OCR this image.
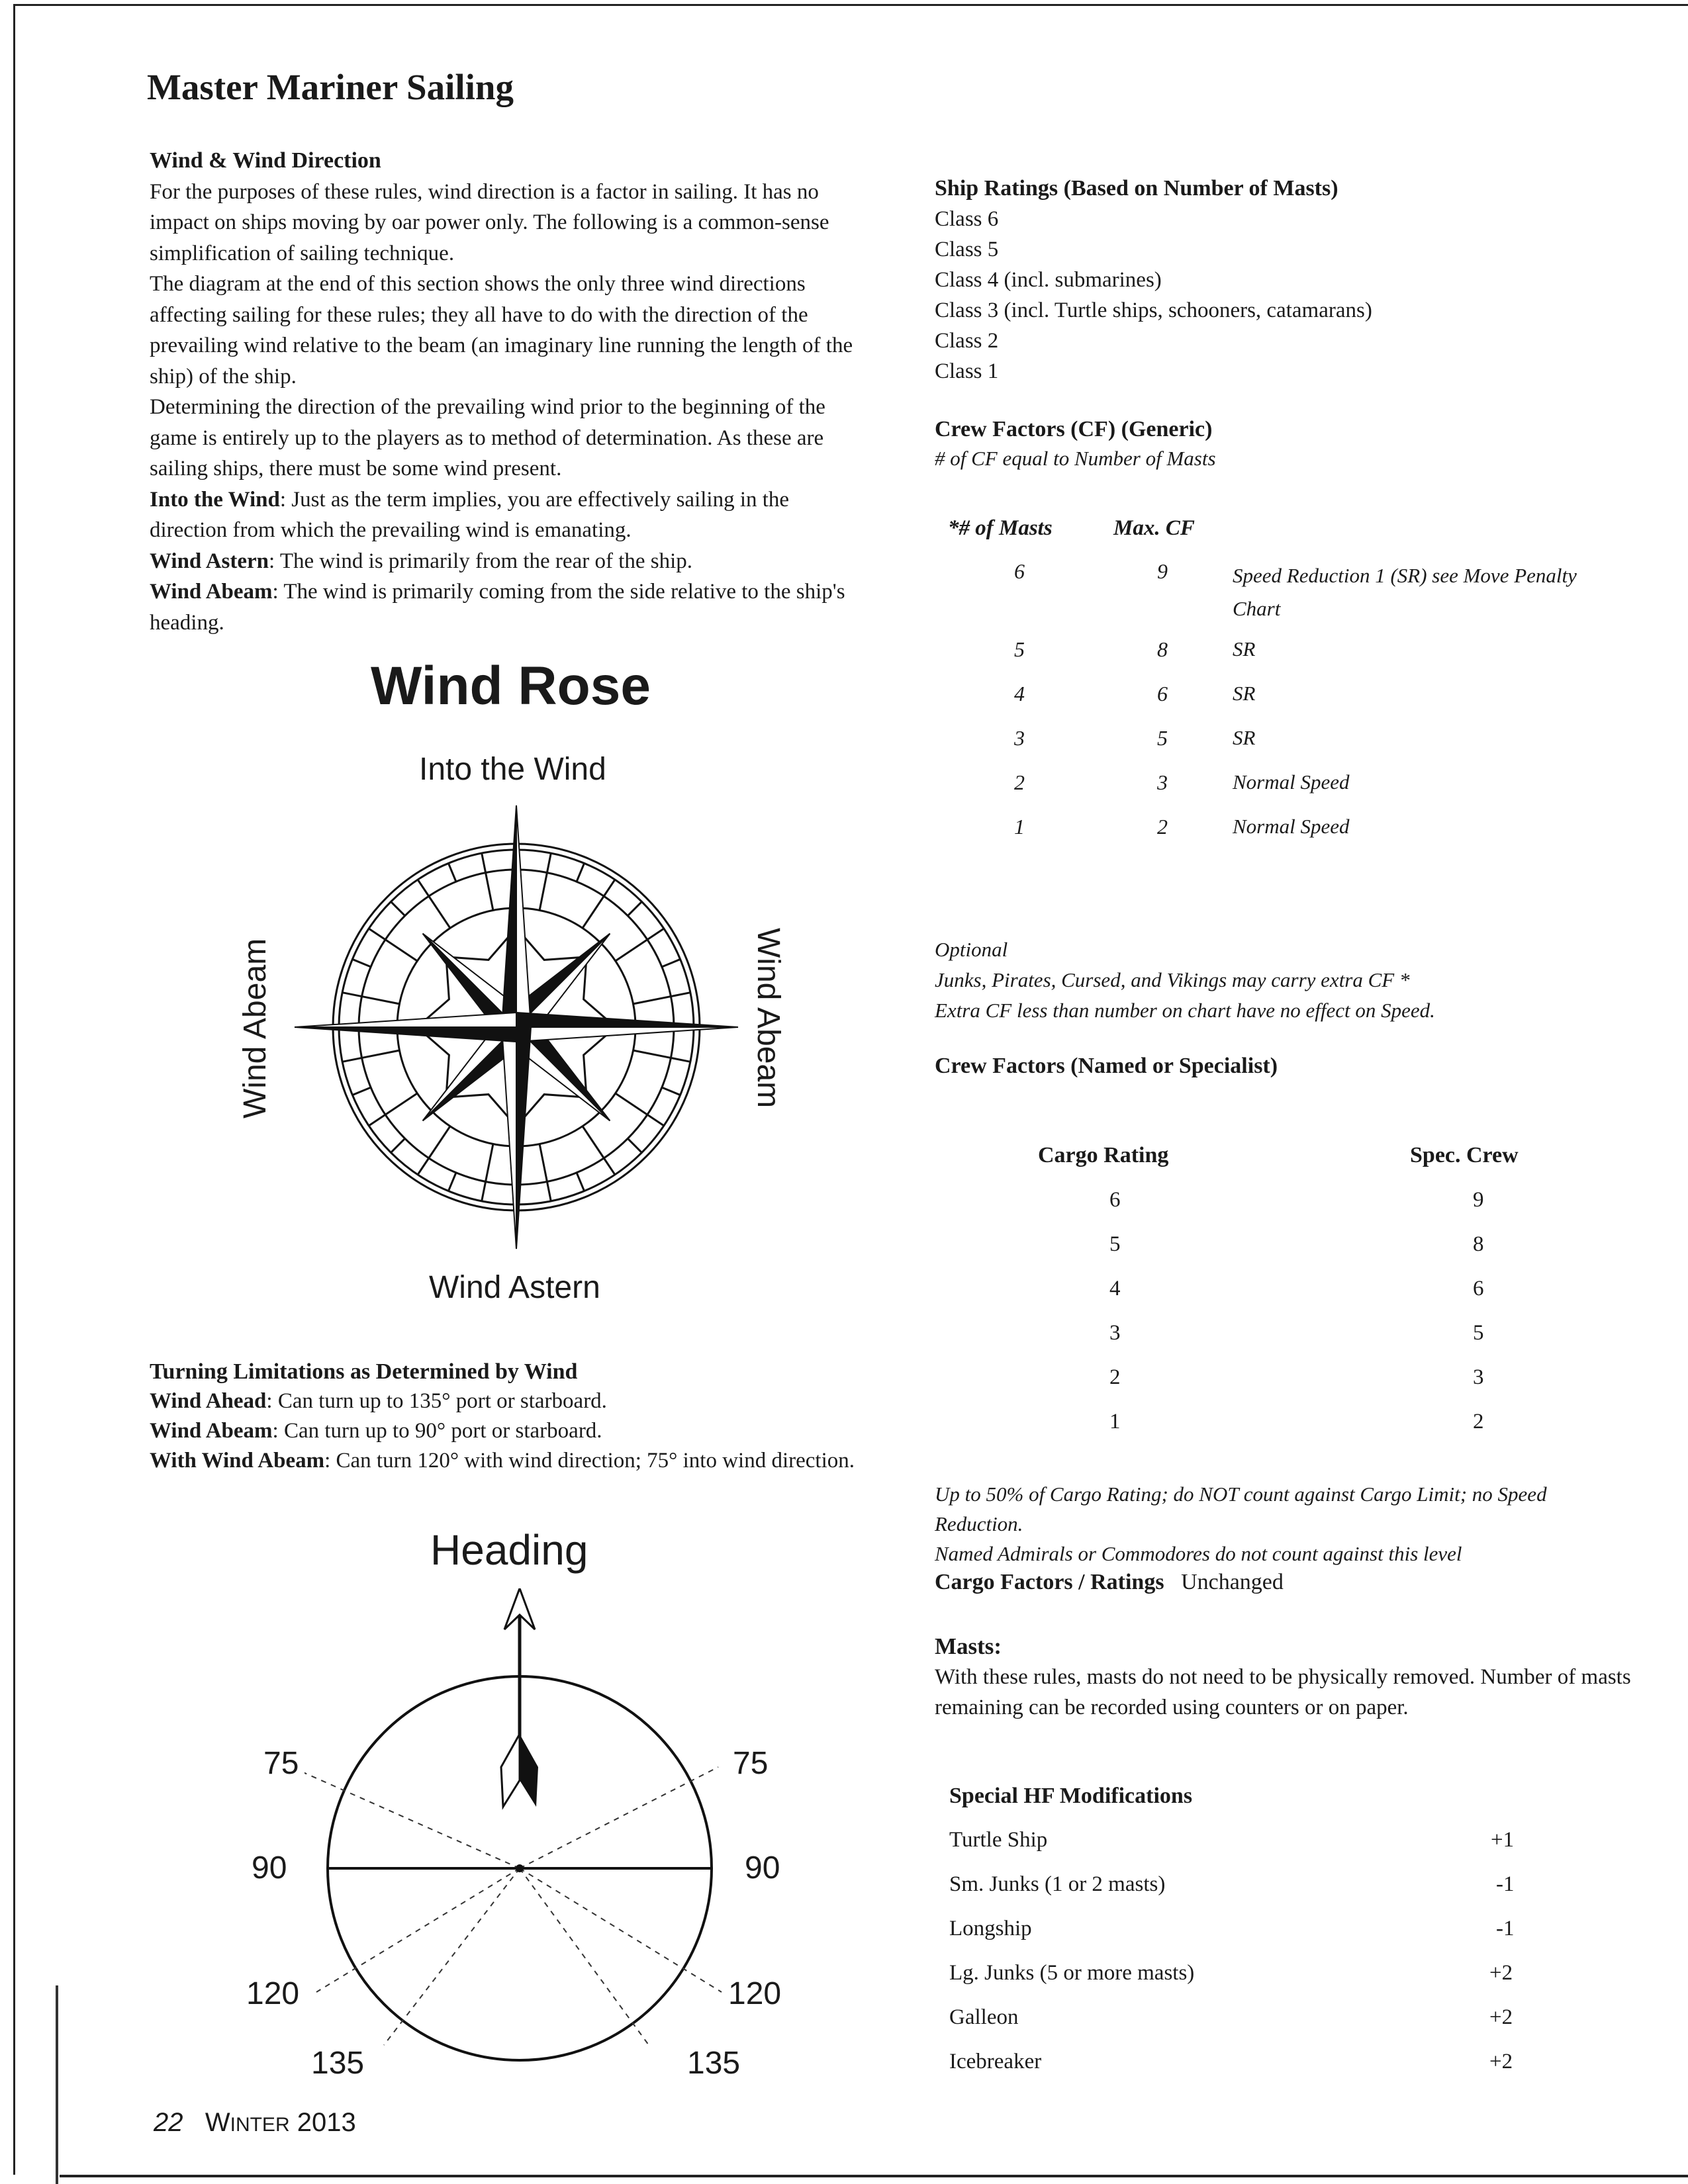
Master Mariner Sailing

Wind & Wind Direction

For the purposes of these rules, wind direction is a factor in sailing. It has no impact on ships moving by oar power only. The following is a common-sense simplification of sailing technique.

The diagram at the end of this section shows the only three wind directions affecting sailing for these rules; they all have to do with the direction of the prevailing wind relative to the beam (an imaginary line running the length of the ship) of the ship.

Determining the direction of the prevailing wind prior to the beginning of the game is entirely up to the players as to method of determination. As these are sailing ships, there must be some wind present.

Into the Wind: Just as the term implies, you are effectively sailing in the direction from which the prevailing wind is emanating.

Wind Astern: The wind is primarily from the rear of the ship.

Wind Abeam: The wind is primarily coming from the side relative to the ship's heading.

Wind Rose
Into the Wind
Wind Astern
Wind Abeam	Wind Abeam

Turning Limitations as Determined by Wind

Wind Ahead: Can turn up to 135° port or starboard.

Wind Abeam: Can turn up to 90° port or starboard.

With Wind Abeam: Can turn 120° with wind direction; 75° into wind direction.

Heading
75	75
90	90
120	120
135	135

Ship Ratings (Based on Number of Masts)

Class 6

Class 5

Class 4 (incl. submarines)

Class 3 (incl. Turtle ships, schooners, catamarans)

Class 2

Class 1

Crew Factors (CF) (Generic)
# of CF equal to Number of Masts
*# of Masts	Max. CF
6	9	Speed Reduction 1 (SR) see Move Penalty Chart
5	8	SR
4	6	SR
3	5	SR
2	3	Normal Speed
1	2	Normal Speed
Optional
Junks, Pirates, Cursed, and Vikings may carry extra CF *
Extra CF less than number on chart have no effect on Speed.
Crew Factors (Named or Specialist)
Cargo Rating	Spec. Crew
6	9
5	8
4	6
3	5
2	3
1	2
Up to 50% of Cargo Rating; do NOT count against Cargo Limit; no Speed Reduction.
Named Admirals or Commodores do not count against this level
Cargo Factors / Ratings Unchanged
Masts:
With these rules, masts do not need to be physically removed. Number of masts remaining can be recorded using counters or on paper.
Special HF Modifications
Turtle Ship	+1
Sm. Junks (1 or 2 masts)	-1
Longship	-1
Lg. Junks (5 or more masts)	+2
Galleon	+2
Icebreaker	+2
22 WINTER 2013
